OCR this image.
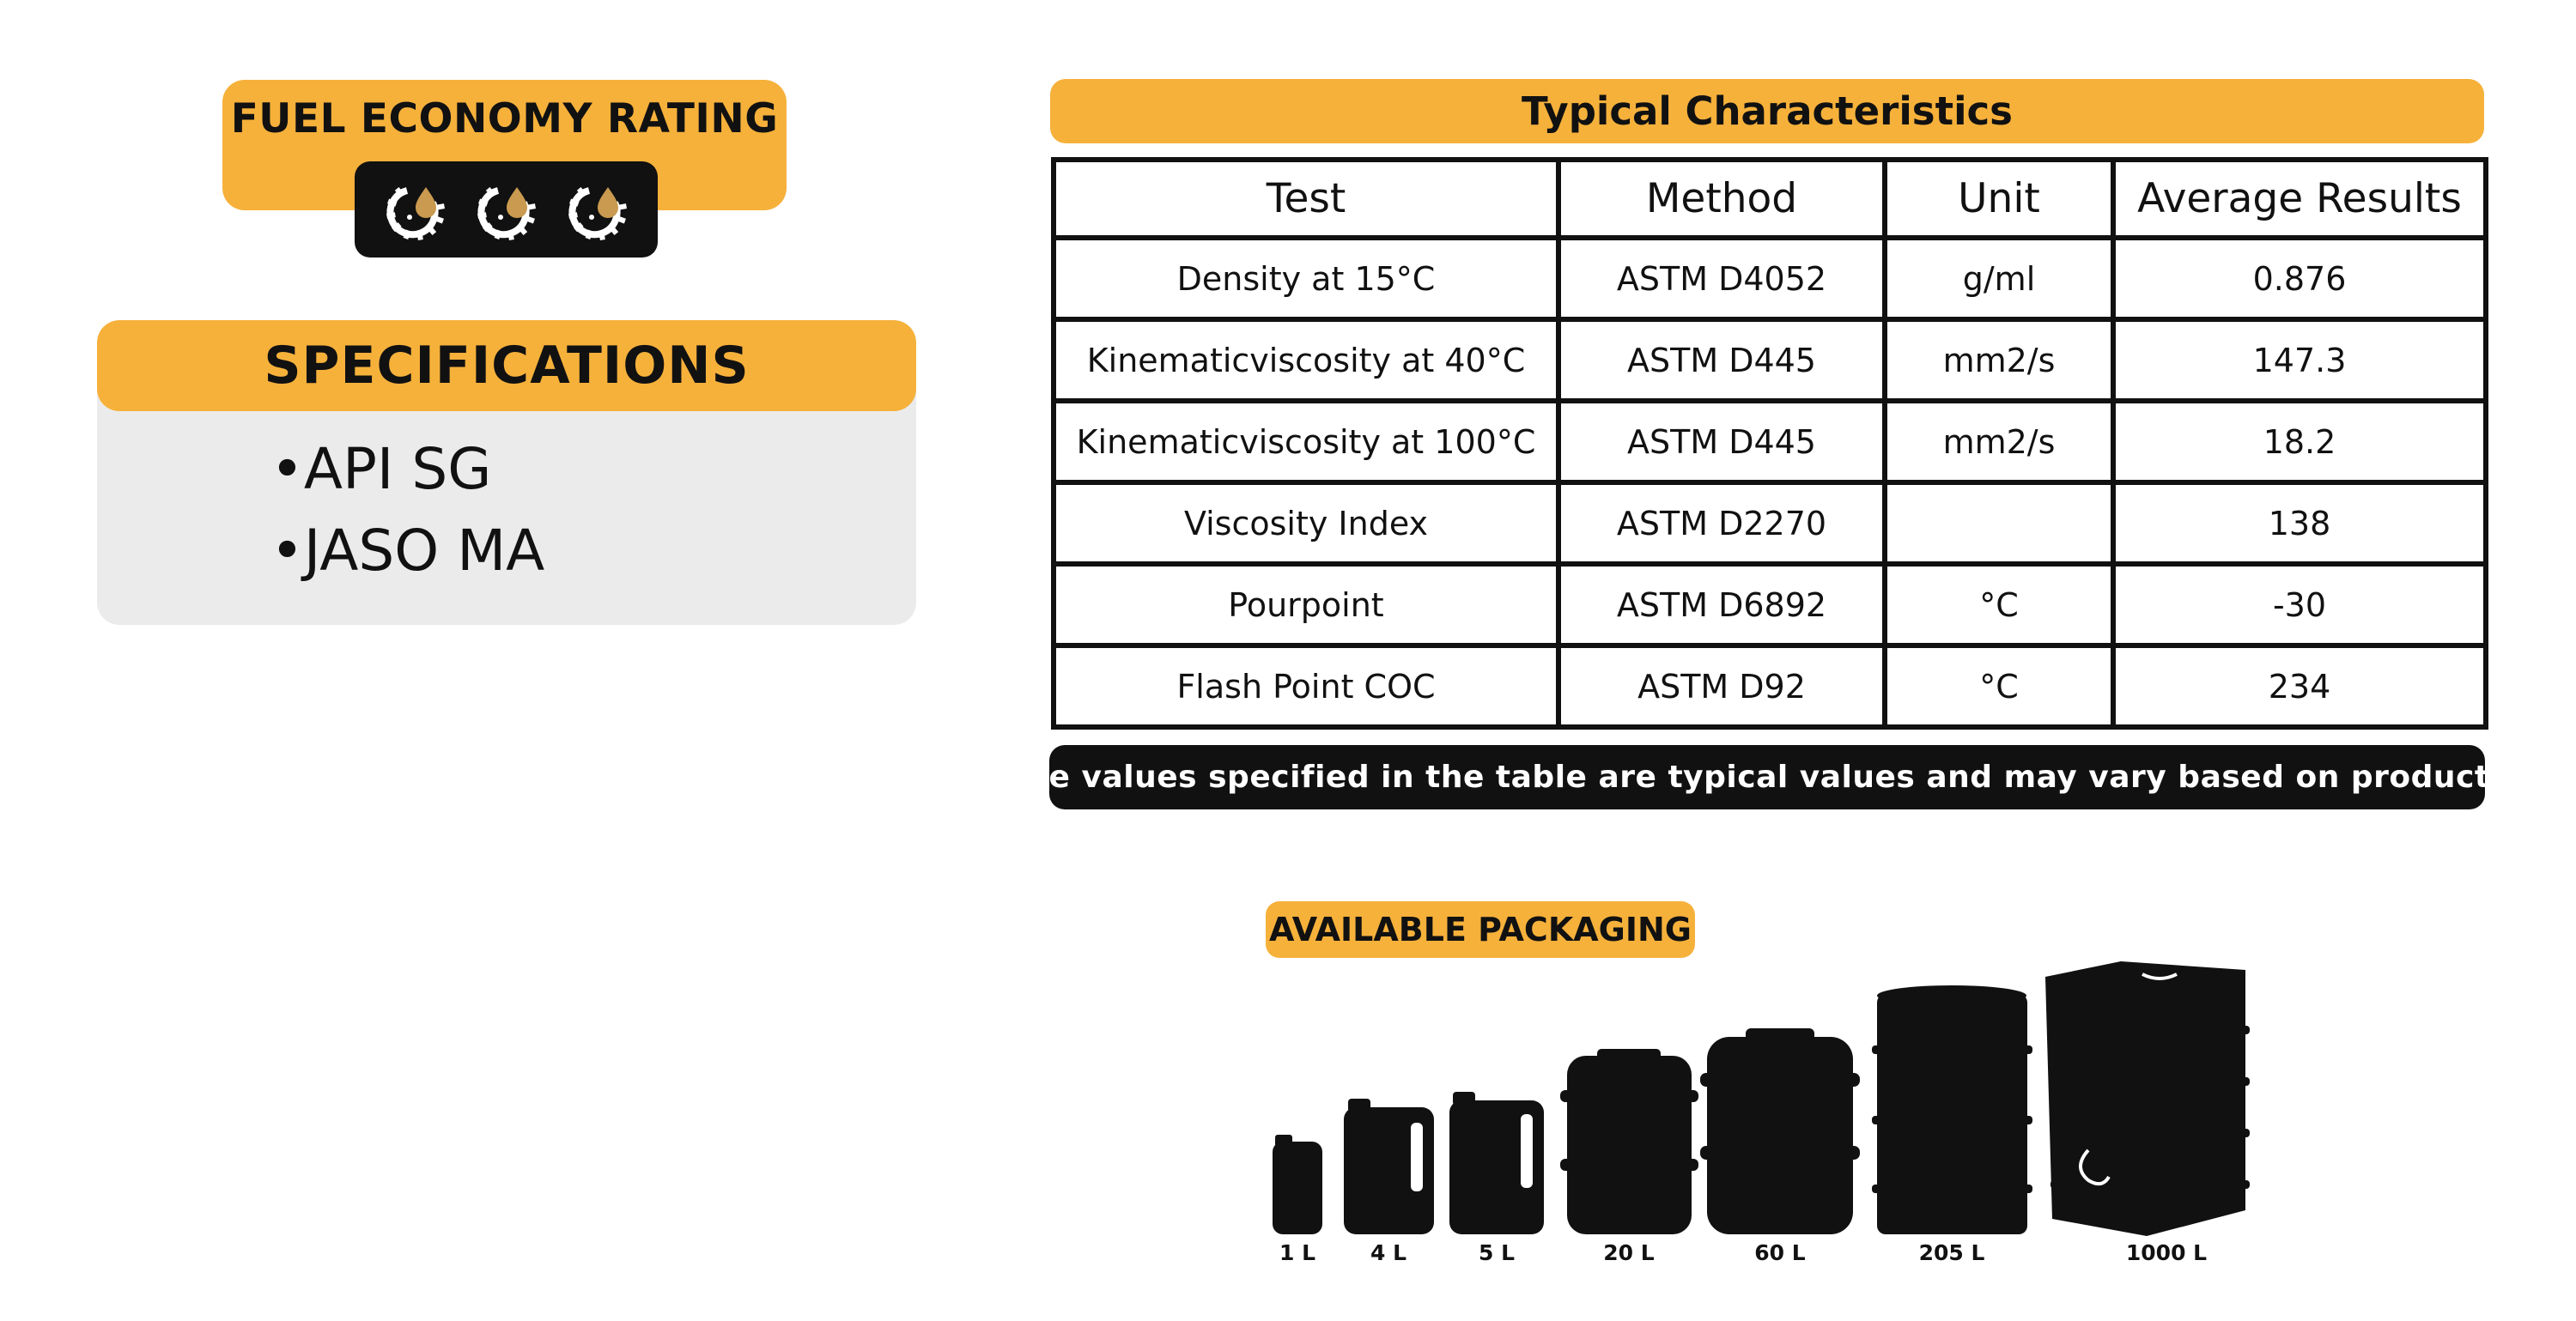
FUEL ECONOMY RATING
SPECIFICATIONS
•API SG
•JASO MA
Typical Characteristics
Test	Method	Unit	Average Results
Density at 15°C	ASTM D4052	g/ml	0.876
Kinematicviscosity at 40°C	ASTM D445	mm2/s	147.3
Kinematicviscosity at 100°C	ASTM D445	mm2/s	18.2
Viscosity Index	ASTM D2270		138
Pourpoint	ASTM D6892	°C	-30
Flash Point COC	ASTM D92	°C	234
* The values specified in the table are typical values and may vary based on production.
AVAILABLE PACKAGING
1 L	4 L	5 L	20 L	60 L	205 L	1000 L
